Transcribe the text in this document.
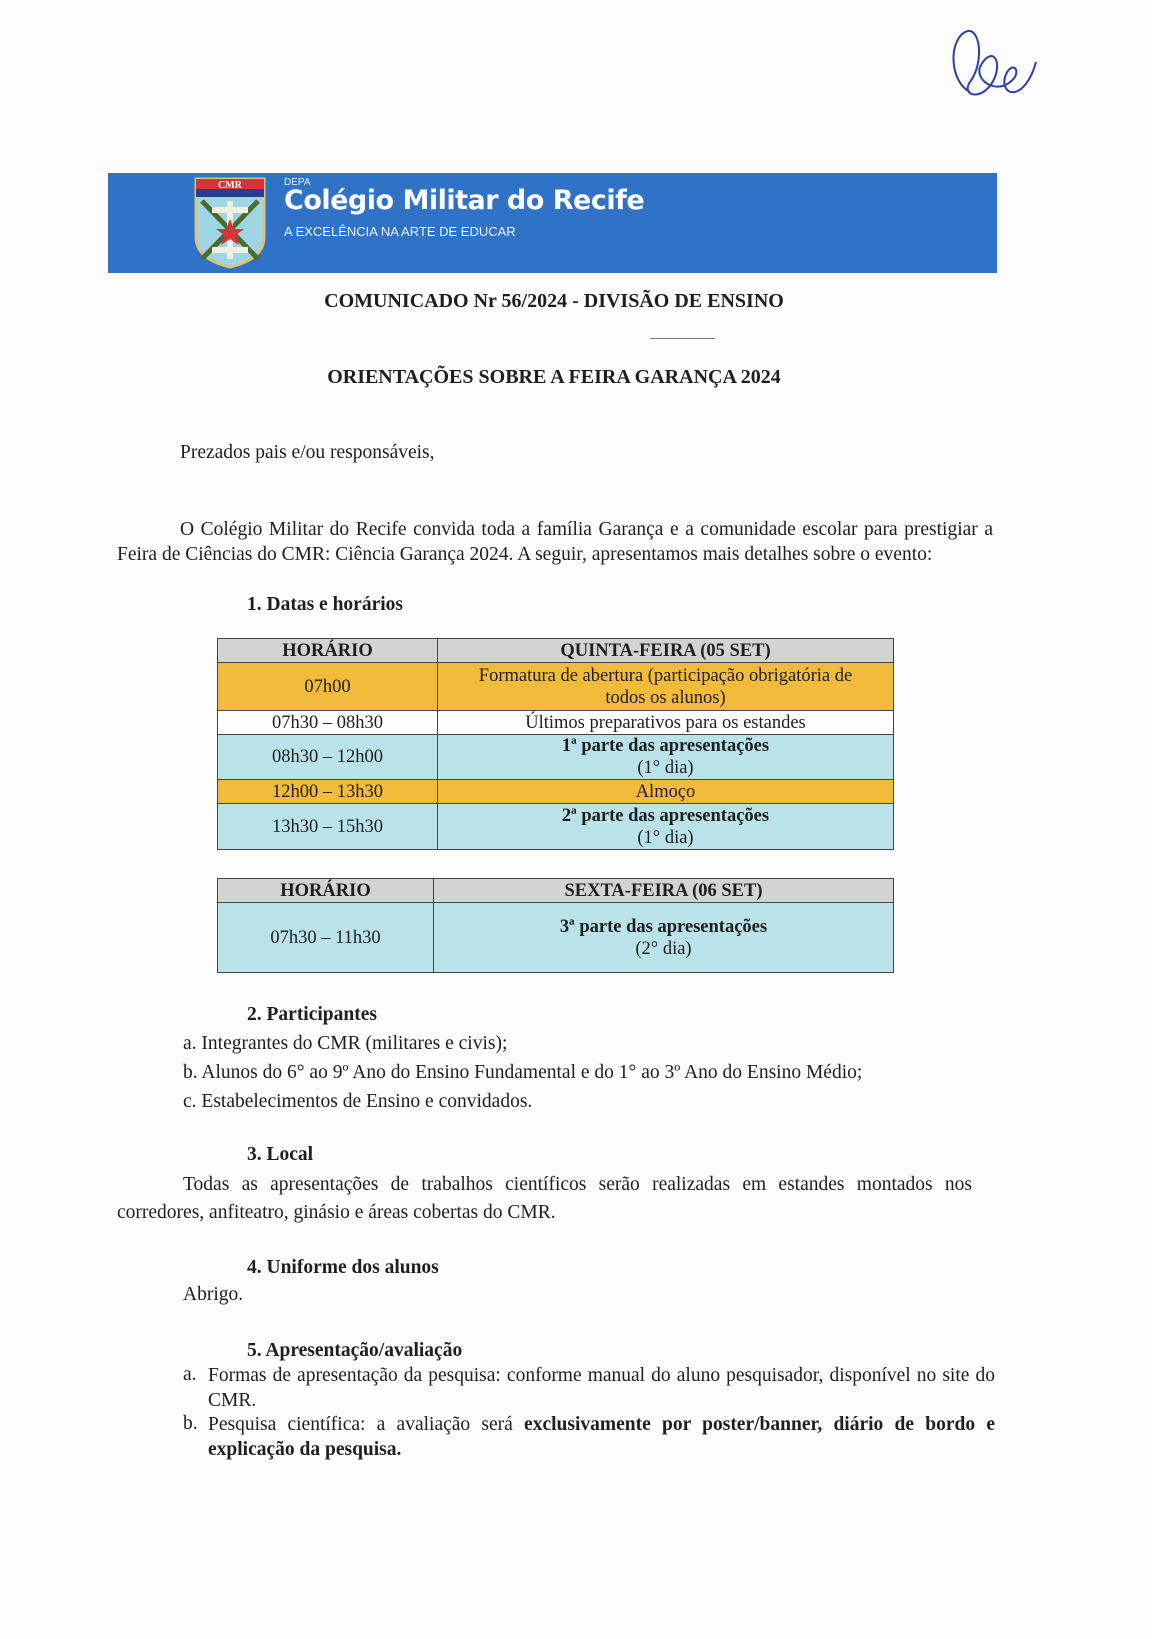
CMR	DEPA
Colégio Militar do Recife
A EXCELÊNCIA NA ARTE DE EDUCAR
COMUNICADO Nr 56/2024 - DIVISÃO DE ENSINO
ORIENTAÇÕES SOBRE A FEIRA GARANÇA 2024
Prezados pais e/ou responsáveis,
O Colégio Militar do Recife convida toda a família Garança e a comunidade escolar para prestigiar a Feira de Ciências do CMR: Ciência Garança 2024. A seguir, apresentamos mais detalhes sobre o evento:
1. Datas e horários
HORÁRIO	QUINTA-FEIRA (05 SET)
07h00	Formatura de abertura (participação obrigatória de
todos os alunos)
07h30 – 08h30	Últimos preparativos para os estandes
08h30 – 12h00	1ª parte das apresentações
(1° dia)
12h00 – 13h30	Almoço
13h30 – 15h30	2ª parte das apresentações
(1° dia)
HORÁRIO	SEXTA-FEIRA (06 SET)
07h30 – 11h30	3ª parte das apresentações
(2° dia)
2. Participantes
a. Integrantes do CMR (militares e civis);
b. Alunos do 6° ao 9º Ano do Ensino Fundamental e do 1° ao 3º Ano do Ensino Médio;
c. Estabelecimentos de Ensino e convidados.
3. Local
Todas as apresentações de trabalhos científicos serão realizadas em estandes montados nos corredores, anfiteatro, ginásio e áreas cobertas do CMR.
4. Uniforme dos alunos
Abrigo.
5. Apresentação/avaliação
a. Formas de apresentação da pesquisa: conforme manual do aluno pesquisador, disponível no site do CMR.
b. Pesquisa científica: a avaliação será exclusivamente por poster/banner, diário de bordo e explicação da pesquisa.
